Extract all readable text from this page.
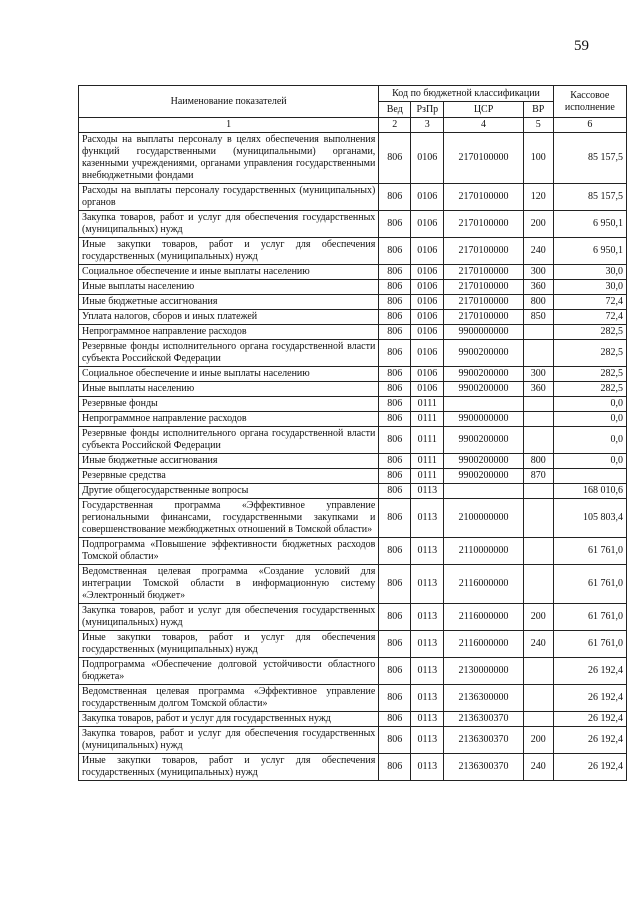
59
Наименование показателей	Код по бюджетной классификации				Кассовое исполнение
	Вед	РзПр	ЦСР	ВР	
1	2	3	4	5	6
Расходы на выплаты персоналу в целях обеспечения выполнения функций государственными (муниципальными) органами, казенными учреждениями, органами управления государственными внебюджетными фондами	806	0106	2170100000	100	85 157,5
Расходы на выплаты персоналу государственных (муниципальных) органов	806	0106	2170100000	120	85 157,5
Закупка товаров, работ и услуг для обеспечения государственных (муниципальных) нужд	806	0106	2170100000	200	6 950,1
Иные закупки товаров, работ и услуг для обеспечения государственных (муниципальных) нужд	806	0106	2170100000	240	6 950,1
Социальное обеспечение и иные выплаты населению	806	0106	2170100000	300	30,0
Иные выплаты населению	806	0106	2170100000	360	30,0
Иные бюджетные ассигнования	806	0106	2170100000	800	72,4
Уплата налогов, сборов и иных платежей	806	0106	2170100000	850	72,4
Непрограммное направление расходов	806	0106	9900000000		282,5
Резервные фонды исполнительного органа государственной власти субъекта Российской Федерации	806	0106	9900200000		282,5
Социальное обеспечение и иные выплаты населению	806	0106	9900200000	300	282,5
Иные выплаты населению	806	0106	9900200000	360	282,5
Резервные фонды	806	0111			0,0
Непрограммное направление расходов	806	0111	9900000000		0,0
Резервные фонды исполнительного органа государственной власти субъекта Российской Федерации	806	0111	9900200000		0,0
Иные бюджетные ассигнования	806	0111	9900200000	800	0,0
Резервные средства	806	0111	9900200000	870	
Другие общегосударственные вопросы	806	0113			168 010,6
Государственная программа «Эффективное управление региональными финансами, государственными закупками и совершенствование межбюджетных отношений в Томской области»	806	0113	2100000000		105 803,4
Подпрограмма «Повышение эффективности бюджетных расходов Томской области»	806	0113	2110000000		61 761,0
Ведомственная целевая программа «Создание условий для интеграции Томской области в информационную систему «Электронный бюджет»	806	0113	2116000000		61 761,0
Закупка товаров, работ и услуг для обеспечения государственных (муниципальных) нужд	806	0113	2116000000	200	61 761,0
Иные закупки товаров, работ и услуг для обеспечения государственных (муниципальных) нужд	806	0113	2116000000	240	61 761,0
Подпрограмма «Обеспечение долговой устойчивости областного бюджета»	806	0113	2130000000		26 192,4
Ведомственная целевая программа «Эффективное управление государственным долгом Томской области»	806	0113	2136300000		26 192,4
Закупка товаров, работ и услуг для государственных нужд	806	0113	2136300370		26 192,4
Закупка товаров, работ и услуг для обеспечения государственных (муниципальных) нужд	806	0113	2136300370	200	26 192,4
Иные закупки товаров, работ и услуг для обеспечения государственных (муниципальных) нужд	806	0113	2136300370	240	26 192,4
